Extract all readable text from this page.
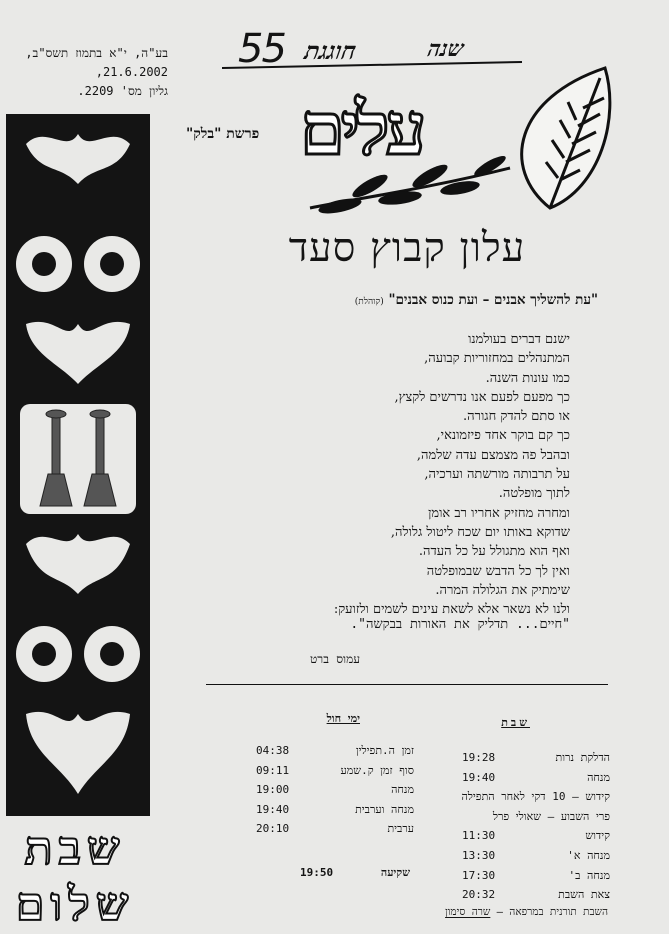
בע"ה, י"א בתמוז תשס"ב,
21.6.2002,
גליון מס' 2209.
55 חוגגת	שנה
עלים
פרשת "בלק"
עלון קבוץ סעד
שבת
שלום
"עת להשליך אבנים – ועת כנוס אבנים" (קוהלת)
ישנם דברים בעולמנו
המתנהלים במחזוריות קבועה,
כמו עונות השנה.
כך מפעם לפעם אנו נדרשים לקצץ,
או סתם להדק חגורה.
כך קם בוקר אחד פיזמונאי,
ובהבל פה מצמצם עדה שלמה,
על תרבותה מורשתה וערכיה,
לתוך מופלטה.
ומחרה מחזיק אחריו רב אומן
שדוקא באותו יום שכח ליטול גלולה,
ואף הוא מתגולל על כל העדה.
ואין לך כל הדבש שבמופלטה
שימתיק את הגלולה המרה.
ולנו לא נשאר אלא לשאת עינים לשמים ולזועק:
"חיים... תדליק את האורות בבקשה".
עמוס ברט
ימי חול
זמן ה.תפילין
04:38
סוף זמן ק.שמע
09:11
מנחה
19:00
מנחה וערבית
19:40
ערבית
20:10
שבת
הדלקת נרות
19:28
מנחה
19:40
קידוש – 10 דקי לאחר התפילה
פרי השבוע – שאולי פרל
קידוש
11:30
מנחה א'
13:30
מנחה ב'
17:30
צאת השבת
20:32
שקיעה
19:50
השבת תורנית במרפאה – שרה סימון
